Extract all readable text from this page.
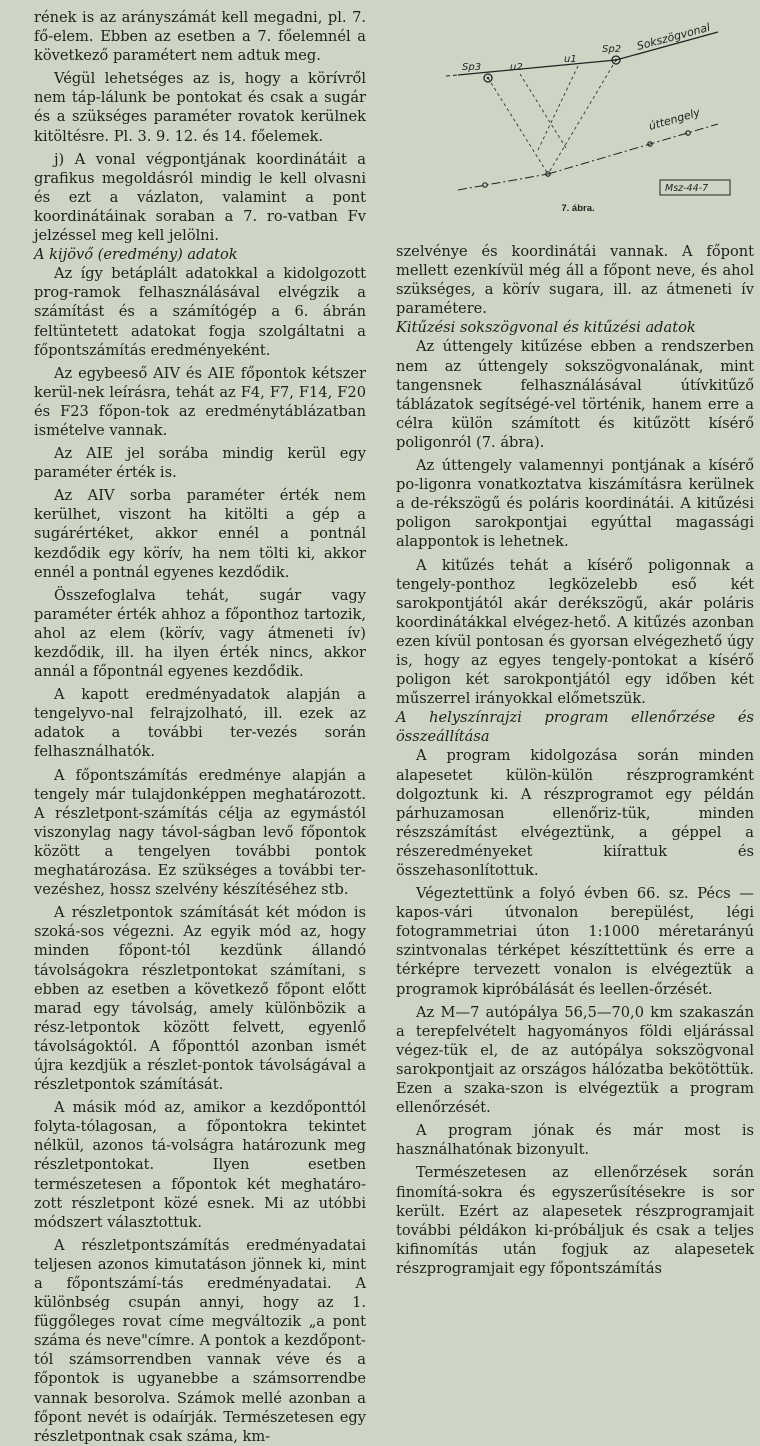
Sp3
Sp2
u2
u1
Sokszögvonal
úttengely
Msz-44-7
7. ábra.

rének is az arányszámát kell megadni, pl. 7. fő-elem. Ebben az esetben a 7. főelemnél a következő paramétert nem adtuk meg.

Végül lehetséges az is, hogy a körívről nem táp-lálunk be pontokat és csak a sugár és a szükséges paraméter rovatok kerülnek kitöltésre. Pl. 3. 9. 12. és 14. főelemek.

j) A vonal végpontjának koordinátáit a grafikus megoldásról mindig le kell olvasni és ezt a vázlaton, valamint a pont koordinátáinak soraban a 7. ro-vatban Fv jelzéssel meg kell jelölni.

A kijövő (eredmény) adatok

Az így betáplált adatokkal a kidolgozott prog-ramok felhasználásával elvégzik a számítást és a számítógép a 6. ábrán feltüntetett adatokat fogja szolgáltatni a főpontszámítás eredményeként.

Az egybeeső AIV és AIE főpontok kétszer kerül-nek leírásra, tehát az F4, F7, F14, F20 és F23 főpon-tok az eredménytáblázatban ismételve vannak.

Az AIE jel sorába mindig kerül egy paraméter érték is.

Az AIV sorba paraméter érték nem kerülhet, viszont ha kitölti a gép a sugárértéket, akkor ennél a pontnál kezdődik egy körív, ha nem tölti ki, akkor ennél a pontnál egyenes kezdődik.

Összefoglalva tehát, sugár vagy paraméter érték ahhoz a főponthoz tartozik, ahol az elem (körív, vagy átmeneti ív) kezdődik, ill. ha ilyen érték nincs, akkor annál a főpontnál egyenes kezdődik.

A kapott eredményadatok alapján a tengelyvo-nal felrajzolható, ill. ezek az adatok a további ter-vezés során felhasználhatók.

A főpontszámítás eredménye alapján a tengely már tulajdonképpen meghatározott. A részletpont-számítás célja az egymástól viszonylag nagy távol-ságban levő főpontok között a tengelyen további pontok meghatározása. Ez szükséges a további ter-vezéshez, hossz szelvény készítéséhez stb.

A részletpontok számítását két módon is szoká-sos végezni. Az egyik mód az, hogy minden főpont-tól kezdünk állandó távolságokra részletpontokat számítani, s ebben az esetben a következő főpont előtt marad egy távolság, amely különbözik a rész-letpontok között felvett, egyenlő távolságoktól. A főponttól azonban ismét újra kezdjük a részlet-pontok távolságával a részletpontok számítását.

A másik mód az, amikor a kezdőponttól folyta-tólagosan, a főpontokra tekintet nélkül, azonos tá-volságra határozunk meg részletpontokat. Ilyen esetben természetesen a főpontok két meghatáro-zott részletpont közé esnek. Mi az utóbbi módszert választottuk.

A részletpontszámítás eredményadatai teljesen azonos kimutatáson jönnek ki, mint a főpontszámí-tás eredményadatai. A különbség csupán annyi, hogy az 1. függőleges rovat címe megváltozik „a pont száma és neve"címre. A pontok a kezdőpont-tól számsorrendben vannak véve és a főpontok is ugyanebbe a számsorrendbe vannak besorolva. Számok mellé azonban a főpont nevét is odaírják. Természetesen egy részletpontnak csak száma, km-

szelvénye és koordinátái vannak. A főpont mellett ezenkívül még áll a főpont neve, és ahol szükséges, a körív sugara, ill. az átmeneti ív paramétere.

Kitűzési sokszögvonal és kitűzési adatok

Az úttengely kitűzése ebben a rendszerben nem az úttengely sokszögvonalának, mint tangensnek felhasználásával útívkitűző táblázatok segítségé-vel történik, hanem erre a célra külön számított és kitűzött kísérő poligonról (7. ábra).

Az úttengely valamennyi pontjának a kísérő po-ligonra vonatkoztatva kiszámításra kerülnek a de-rékszögű és poláris koordinátái. A kitűzési poligon sarokpontjai egyúttal magassági alappontok is lehetnek.

A kitűzés tehát a kísérő poligonnak a tengely-ponthoz legközelebb eső két sarokpontjától akár derékszögű, akár poláris koordinátákkal elvégez-hető. A kitűzés azonban ezen kívül pontosan és gyorsan elvégezhető úgy is, hogy az egyes tengely-pontokat a kísérő poligon két sarokpontjától egy időben két műszerrel irányokkal előmetszük.

A helyszínrajzi program ellenőrzése és összeállítása

A program kidolgozása során minden alapesetet külön-külön részprogramként dolgoztunk ki. A részprogramot egy példán párhuzamosan ellenőriz-tük, minden részszámítást elvégeztünk, a géppel a részeredményeket kiírattuk és összehasonlítottuk.

Végeztettünk a folyó évben 66. sz. Pécs — kapos-vári útvonalon berepülést, légi fotogrammetriai úton 1:1000 méretarányú szintvonalas térképet készíttettünk és erre a térképre tervezett vonalon is elvégeztük a programok kipróbálását és leellen-őrzését.

Az M—7 autópálya 56,5—70,0 km szakaszán a terepfelvételt hagyományos földi eljárással végez-tük el, de az autópálya sokszögvonal sarokpontjait az országos hálózatba bekötöttük. Ezen a szaka-szon is elvégeztük a program ellenőrzését.

A program jónak és már most is használhatónak bizonyult.

Természetesen az ellenőrzések során finomítá-sokra és egyszerűsítésekre is sor került. Ezért az alapesetek részprogramjait további példákon ki-próbáljuk és csak a teljes kifinomítás után fogjuk az alapesetek részprogramjait egy főpontszámítás
